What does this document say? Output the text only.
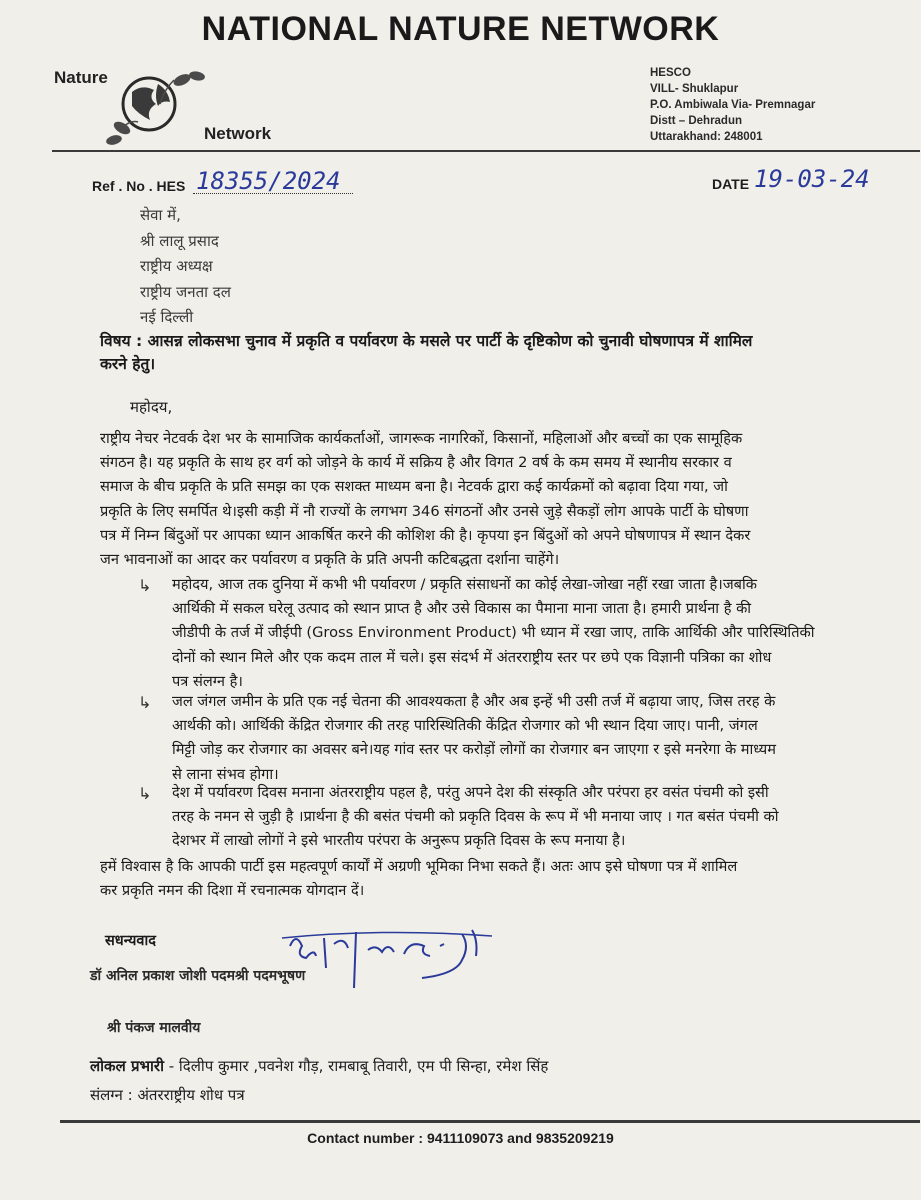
NATIONAL NATURE NETWORK
Nature
Network
HESCO
VILL- Shuklapur
P.O. Ambiwala Via- Premnagar
Distt – Dehradun
Uttarakhand: 248001
Ref . No . HES 18355/2024	DATE 19-03-24
सेवा में,
श्री लालू प्रसाद
राष्ट्रीय अध्यक्ष
राष्ट्रीय जनता दल
नई दिल्ली
विषय : आसन्न लोकसभा चुनाव में प्रकृति व पर्यावरण के मसले पर पार्टी के दृष्टिकोण को चुनावी घोषणापत्र में शामिल
करने हेतु।
महोदय,
राष्ट्रीय नेचर नेटवर्क देश भर के सामाजिक कार्यकर्ताओं, जागरूक नागरिकों, किसानों, महिलाओं और बच्चों का एक सामूहिक
संगठन है। यह प्रकृति के साथ हर वर्ग को जोड़ने के कार्य में सक्रिय है और विगत 2 वर्ष के कम समय में स्थानीय सरकार व
समाज के बीच प्रकृति के प्रति समझ का एक सशक्त माध्यम बना है। नेटवर्क द्वारा कई कार्यक्रमों को बढ़ावा दिया गया, जो
प्रकृति के लिए समर्पित थे।इसी कड़ी में नौ राज्यों के लगभग 346 संगठनों और उनसे जुड़े सैकड़ों लोग आपके पार्टी के घोषणा
पत्र में निम्न बिंदुओं पर आपका ध्यान आकर्षित करने की कोशिश की है। कृपया इन बिंदुओं को अपने घोषणापत्र में स्थान देकर
जन भावनाओं का आदर कर पर्यावरण व प्रकृति के प्रति अपनी कटिबद्धता दर्शाना चाहेंगे।
↳ महोदय, आज तक दुनिया में कभी भी पर्यावरण / प्रकृति संसाधनों का कोई लेखा-जोखा नहीं रखा जाता है।जबकि
आर्थिकी में सकल घरेलू उत्पाद को स्थान प्राप्त है और उसे विकास का पैमाना माना जाता है। हमारी प्रार्थना है की
जीडीपी के तर्ज में जीईपी (Gross Environment Product) भी ध्यान में रखा जाए, ताकि आर्थिकी और पारिस्थितिकी
दोनों को स्थान मिले और एक कदम ताल में चले। इस संदर्भ में अंतरराष्ट्रीय स्तर पर छपे एक विज्ञानी पत्रिका का शोध
पत्र संलग्न है।
↳ जल जंगल जमीन के प्रति एक नई चेतना की आवश्यकता है और अब इन्हें भी उसी तर्ज में बढ़ाया जाए, जिस तरह के
आर्थकी को। आर्थिकी केंद्रित रोजगार की तरह पारिस्थितिकी केंद्रित रोजगार को भी स्थान दिया जाए। पानी, जंगल
मिट्टी जोड़ कर रोजगार का अवसर बने।यह गांव स्तर पर करोड़ों लोगों का रोजगार बन जाएगा र इसे मनरेगा के माध्यम
से लाना संभव होगा।
↳ देश में पर्यावरण दिवस मनाना अंतरराष्ट्रीय पहल है, परंतु अपने देश की संस्कृति और परंपरा हर वसंत पंचमी को इसी
तरह के नमन से जुड़ी है ।प्रार्थना है की बसंत पंचमी को प्रकृति दिवस के रूप में भी मनाया जाए । गत बसंत पंचमी को
देशभर में लाखो लोगों ने इसे भारतीय परंपरा के अनुरूप प्रकृति दिवस के रूप मनाया है।
हमें विश्वास है कि आपकी पार्टी इस महत्वपूर्ण कार्यों में अग्रणी भूमिका निभा सकते हैं। अतः आप इसे घोषणा पत्र में शामिल
कर प्रकृति नमन की दिशा में रचनात्मक योगदान दें।
सधन्यवाद
डॉ अनिल प्रकाश जोशी पदमश्री पदमभूषण
श्री पंकज मालवीय
लोकल प्रभारी - दिलीप कुमार ,पवनेश गौड़, रामबाबू तिवारी, एम पी सिन्हा, रमेश सिंह
संलग्न : अंतरराष्ट्रीय शोध पत्र
Contact number : 9411109073 and 9835209219
